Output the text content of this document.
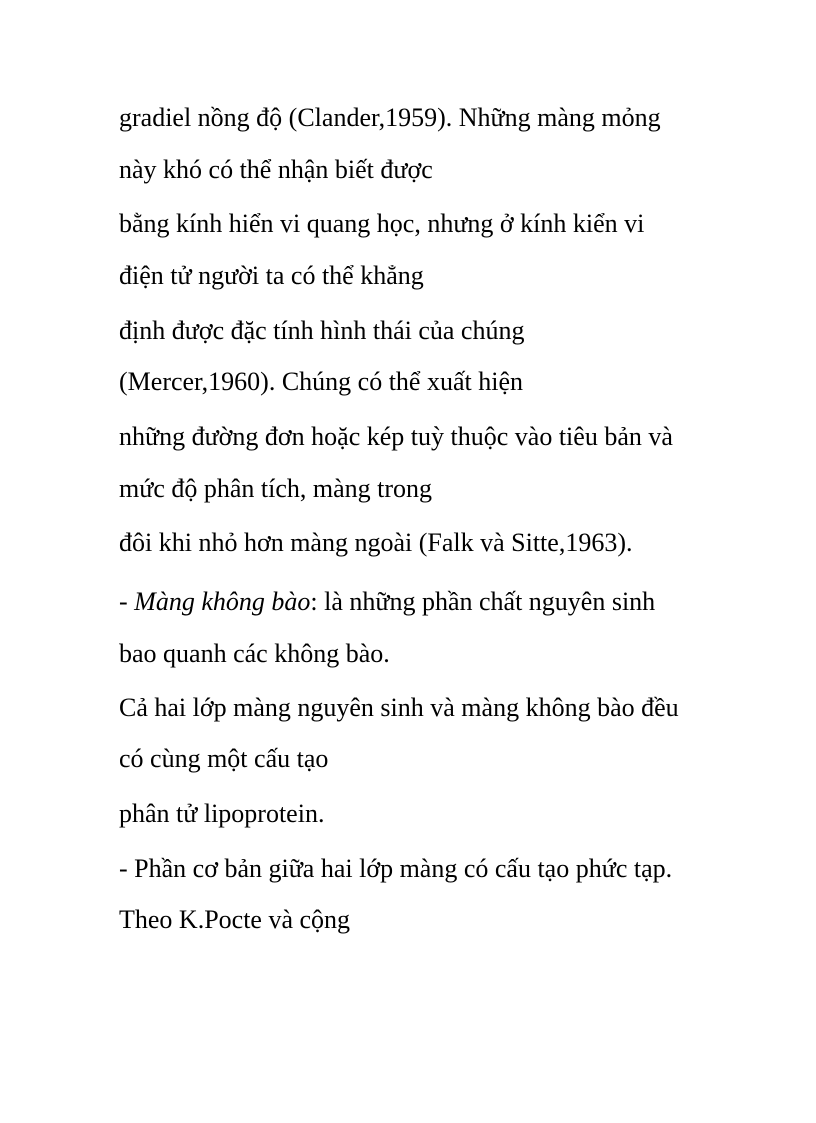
gradiel nồng độ (Clander,1959). Những màng mỏng

này khó có thể nhận biết được

bằng kính hiển vi quang học, nhưng ở kính kiển vi

điện tử người ta có thể khẳng

định được đặc tính hình thái của chúng

(Mercer,1960). Chúng có thể xuất hiện

những đường đơn hoặc kép tuỳ thuộc vào tiêu bản và

mức độ phân tích, màng trong

đôi khi nhỏ hơn màng ngoài (Falk và Sitte,1963).

- Màng không bào: là những phần chất nguyên sinh

bao quanh các không bào.

Cả hai lớp màng nguyên sinh và màng không bào đều

có cùng một cấu tạo

phân tử lipoprotein.

- Phần cơ bản giữa hai lớp màng có cấu tạo phức tạp.

Theo K.Pocte và cộng
